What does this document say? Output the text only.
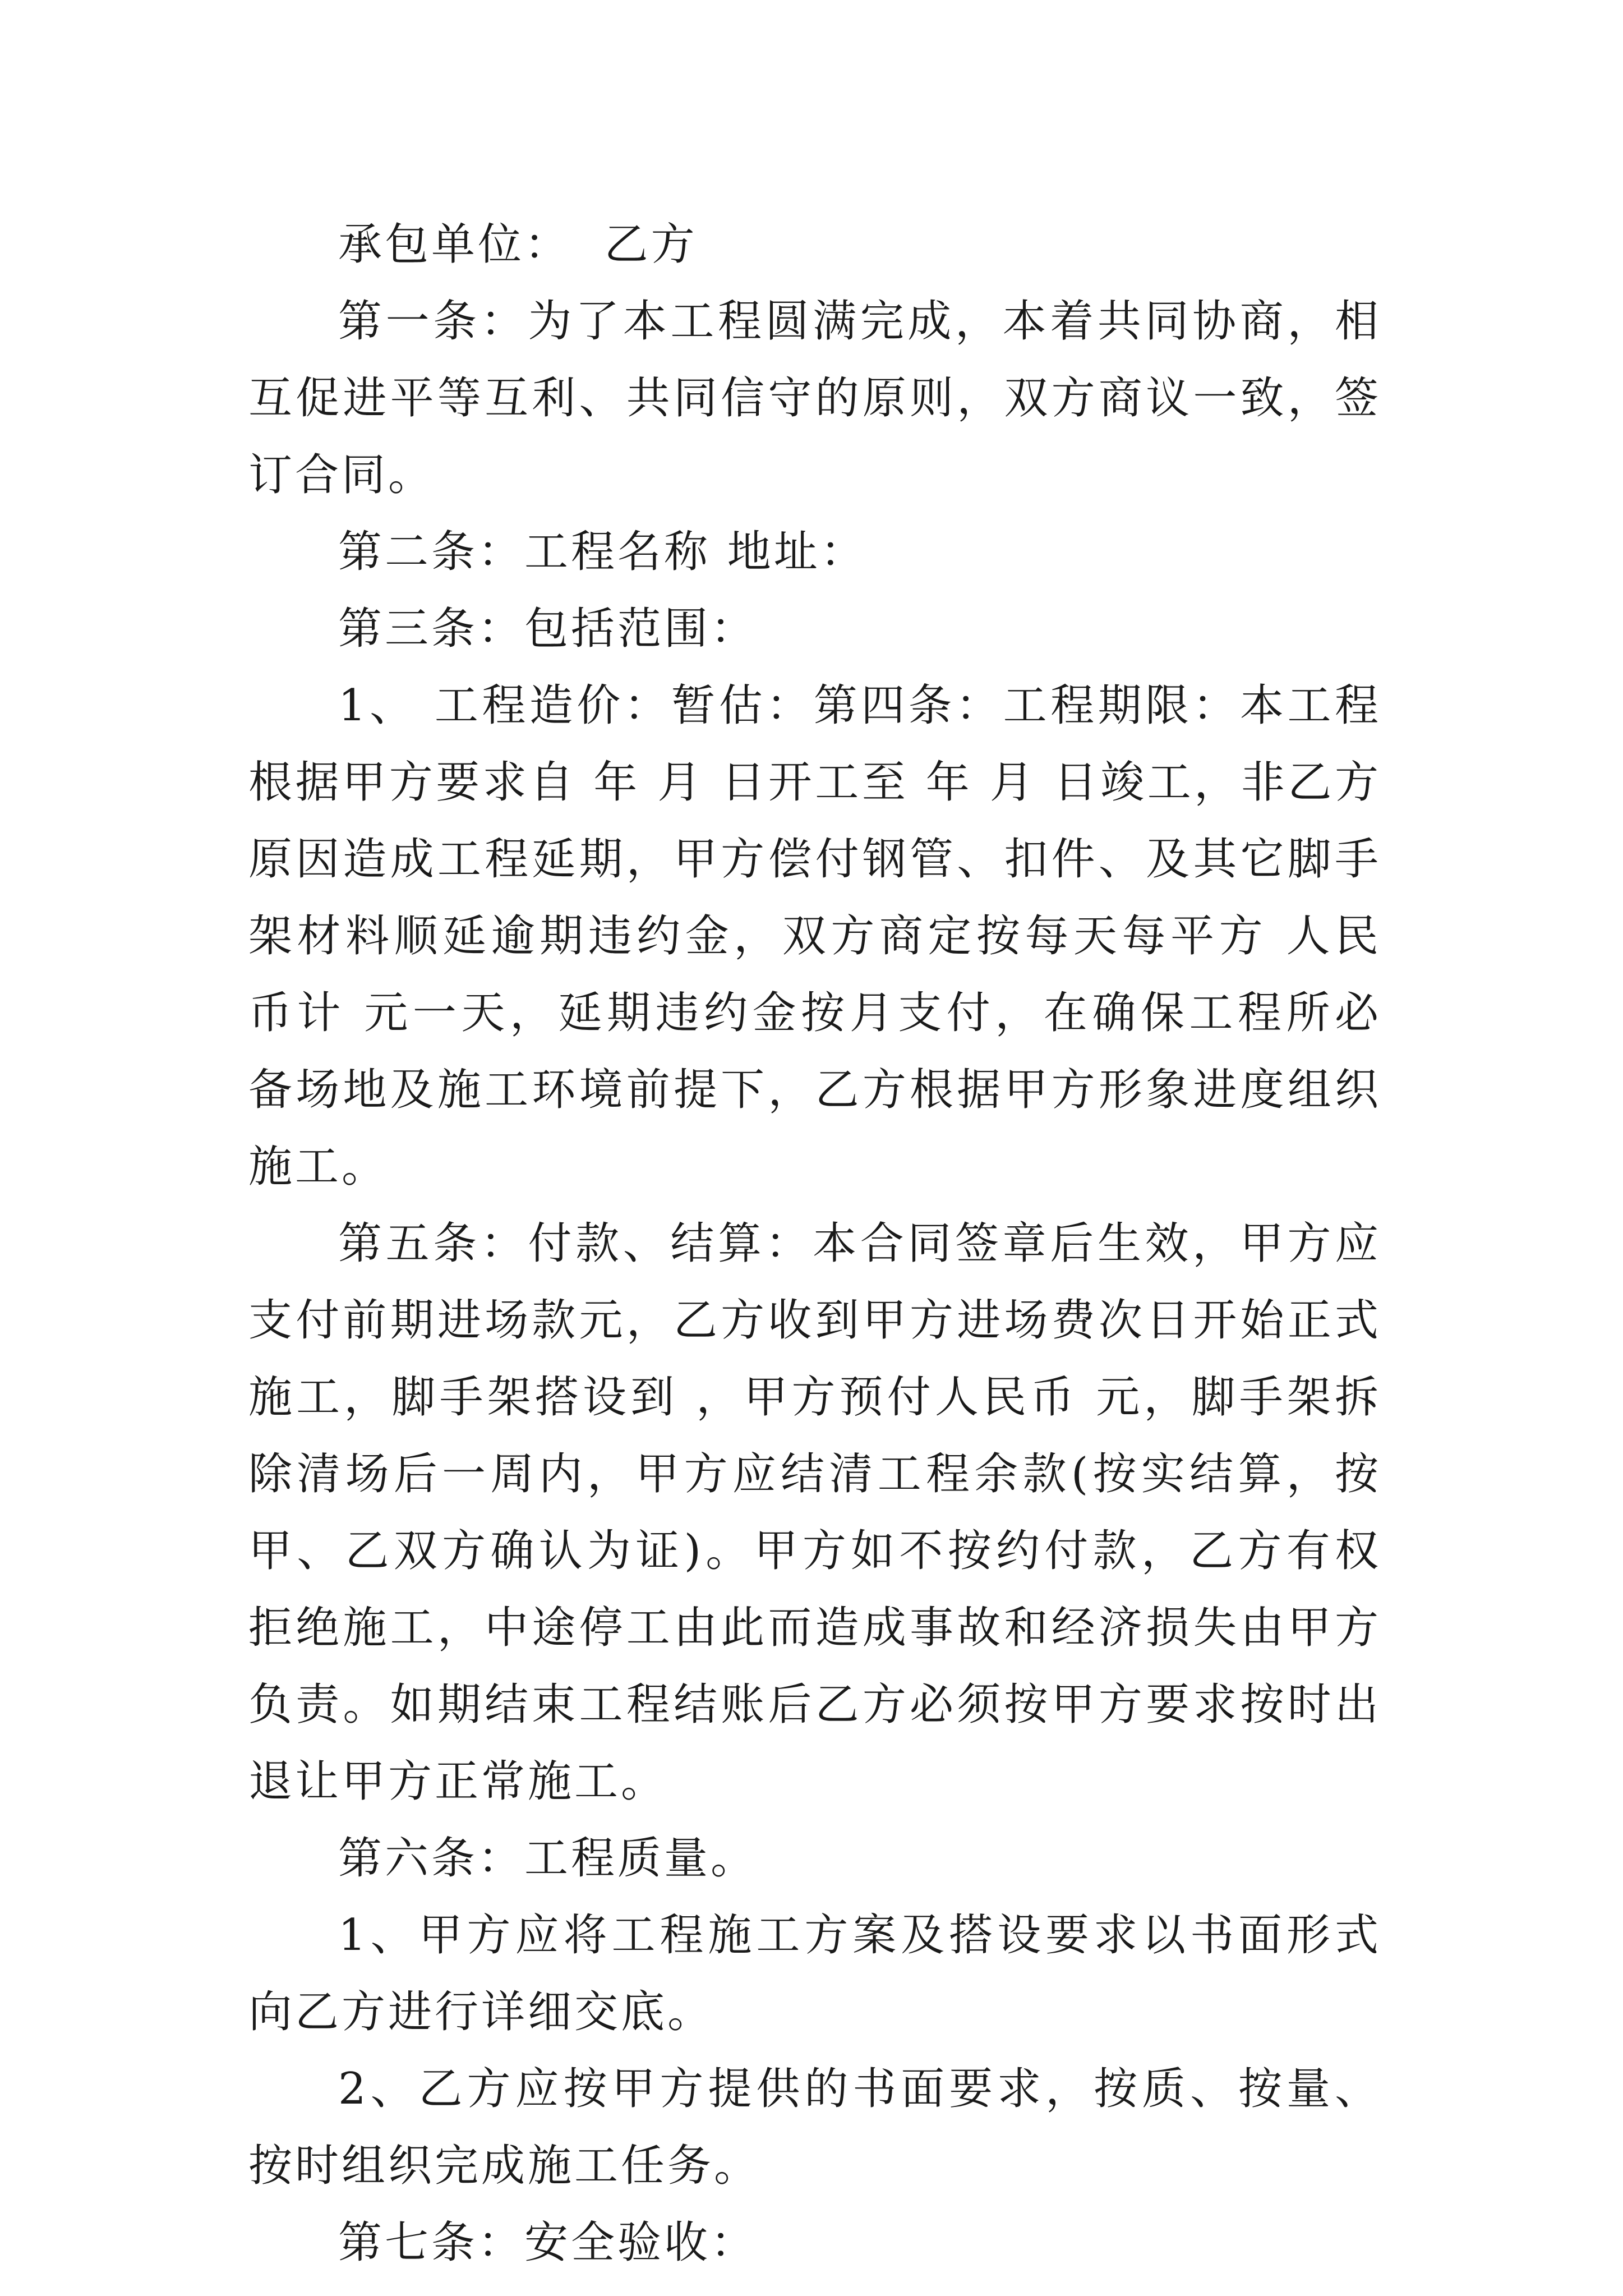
承包单位：  乙方

第一条：为了本工程圆满完成，本着共同协商，相互促进平等互利、共同信守的原则，双方商议一致，签订合同。

第二条：工程名称 地址：

第三条：包括范围：

1、 工程造价：暂估：第四条：工程期限：本工程根据甲方要求自 年 月 日开工至 年 月 日竣工，非乙方原因造成工程延期，甲方偿付钢管、扣件、及其它脚手架材料顺延逾期违约金，双方商定按每天每平方 人民币计 元一天，延期违约金按月支付，在确保工程所必备场地及施工环境前提下，乙方根据甲方形象进度组织施工。

第五条：付款、结算：本合同签章后生效，甲方应支付前期进场款元，乙方收到甲方进场费次日开始正式施工，脚手架搭设到 ，甲方预付人民币 元，脚手架拆除清场后一周内，甲方应结清工程余款(按实结算，按甲、乙双方确认为证)。甲方如不按约付款，乙方有权拒绝施工，中途停工由此而造成事故和经济损失由甲方负责。如期结束工程结账后乙方必须按甲方要求按时出退让甲方正常施工。

第六条：工程质量。

1、甲方应将工程施工方案及搭设要求以书面形式向乙方进行详细交底。

2、乙方应按甲方提供的书面要求，按质、按量、按时组织完成施工任务。

第七条：安全验收：
